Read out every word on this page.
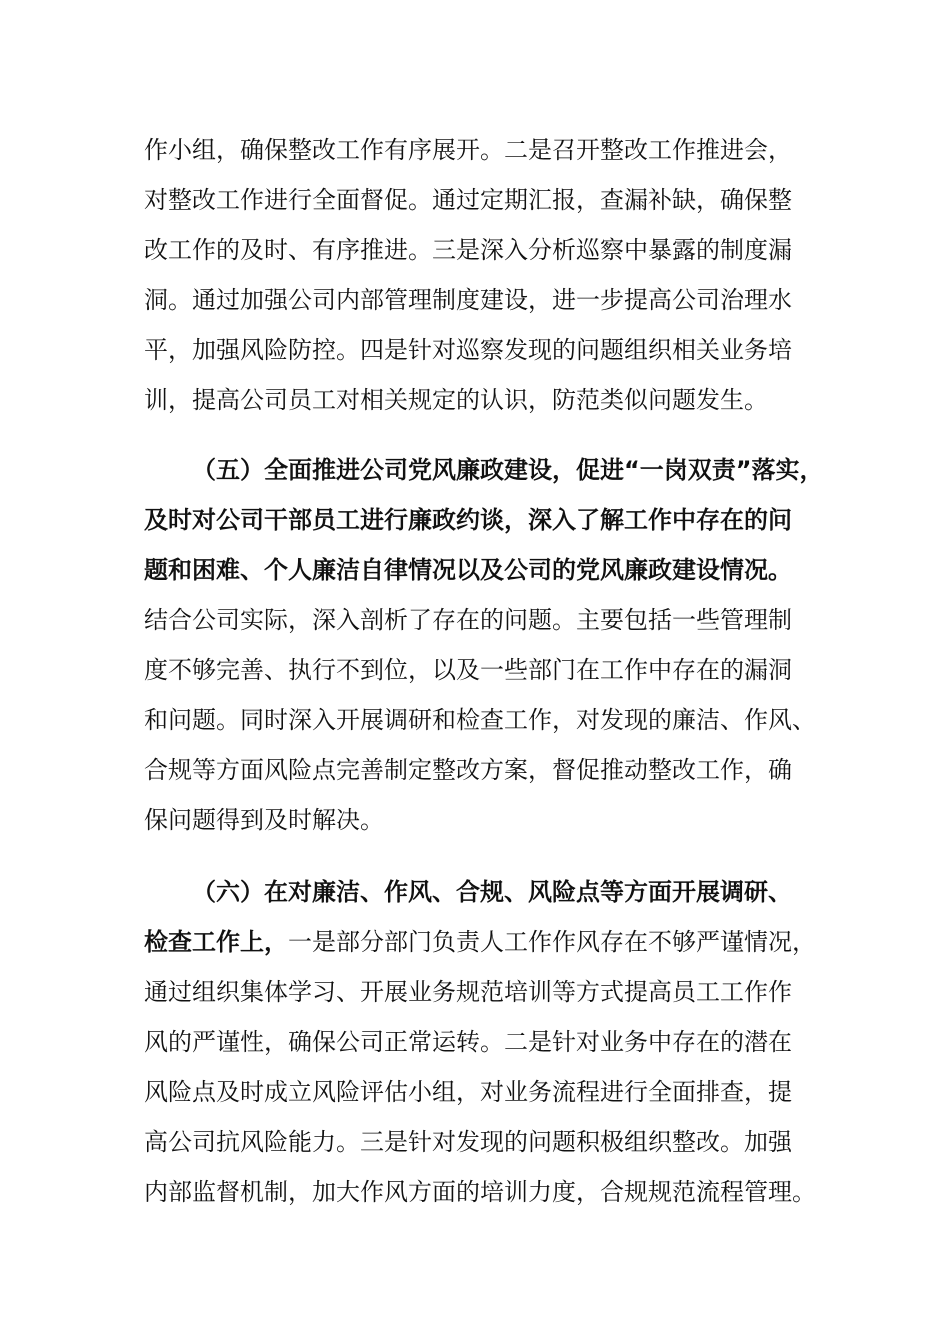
作小组，确保整改工作有序展开。二是召开整改工作推进会，
对整改工作进行全面督促。通过定期汇报，查漏补缺，确保整
改工作的及时、有序推进。三是深入分析巡察中暴露的制度漏
洞。通过加强公司内部管理制度建设，进一步提高公司治理水
平，加强风险防控。四是针对巡察发现的问题组织相关业务培
训，提高公司员工对相关规定的认识，防范类似问题发生。
（五）全面推进公司党风廉政建设，促进“一岗双责”落实，
及时对公司干部员工进行廉政约谈，深入了解工作中存在的问
题和困难、个人廉洁自律情况以及公司的党风廉政建设情况。
结合公司实际，深入剖析了存在的问题。主要包括一些管理制
度不够完善、执行不到位，以及一些部门在工作中存在的漏洞
和问题。同时深入开展调研和检查工作，对发现的廉洁、作风、
合规等方面风险点完善制定整改方案，督促推动整改工作，确
保问题得到及时解决。
（六）在对廉洁、作风、合规、风险点等方面开展调研、
检查工作上，一是部分部门负责人工作作风存在不够严谨情况，
通过组织集体学习、开展业务规范培训等方式提高员工工作作
风的严谨性，确保公司正常运转。二是针对业务中存在的潜在
风险点及时成立风险评估小组，对业务流程进行全面排查，提
高公司抗风险能力。三是针对发现的问题积极组织整改。加强
内部监督机制，加大作风方面的培训力度，合规规范流程管理。
